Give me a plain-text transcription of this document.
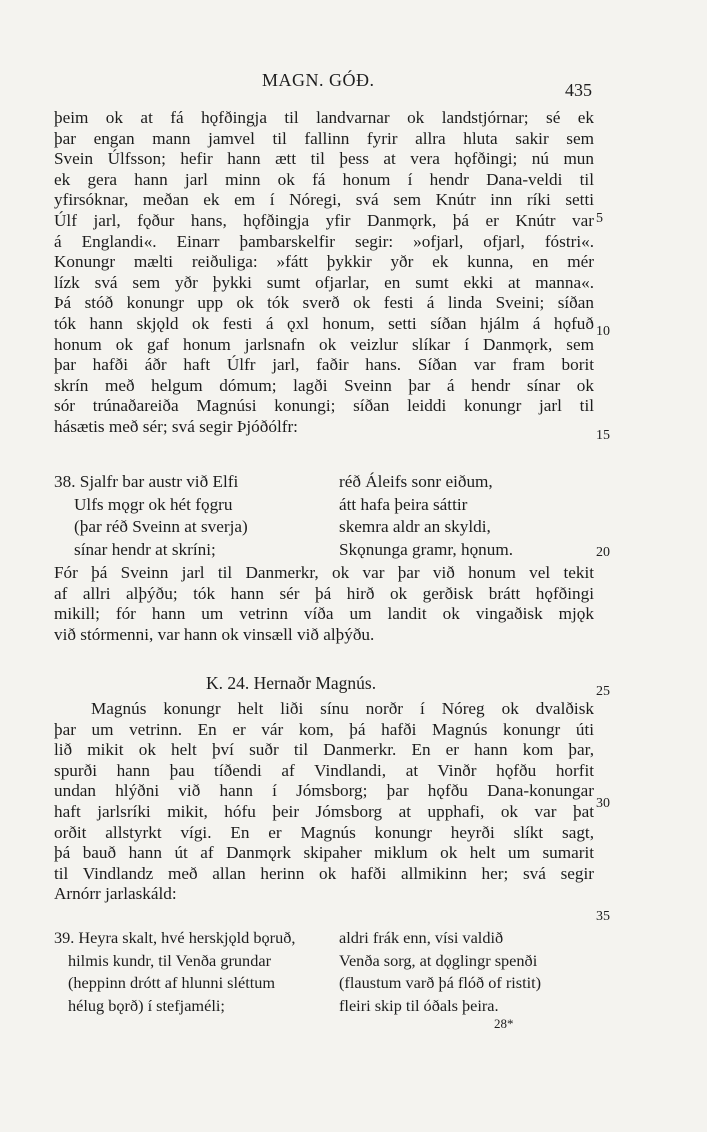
MAGN. GÓÐ.	435
þeim ok at fá hǫfðingja til landvarnar ok landstjórnar; sé ek
þar engan mann jamvel til fallinn fyrir allra hluta sakir sem
Svein Úlfsson; hefir hann ætt til þess at vera hǫfðingi; nú mun
ek gera hann jarl minn ok fá honum í hendr Dana-veldi til
yfirsóknar, meðan ek em í Nóregi, svá sem Knútr inn ríki setti
Úlf jarl, fǫður hans, hǫfðingja yfir Danmǫrk, þá er Knútr var
á Englandi«. Einarr þambarskelfir segir: »ofjarl, ofjarl, fóstri«.
Konungr mælti reiðuliga: »fátt þykkir yðr ek kunna, en mér
lízk svá sem yðr þykki sumt ofjarlar, en sumt ekki at manna«.
Þá stóð konungr upp ok tók sverð ok festi á linda Sveini; síðan
tók hann skjǫld ok festi á ǫxl honum, setti síðan hjálm á hǫfuð
honum ok gaf honum jarlsnafn ok veizlur slíkar í Danmǫrk, sem
þar hafði áðr haft Úlfr jarl, faðir hans. Síðan var fram borit
skrín með helgum dómum; lagði Sveinn þar á hendr sínar ok
sór trúnaðareiða Magnúsi konungi; síðan leiddi konungr jarl til
hásætis með sér; svá segir Þjóðólfr:
5
10
15
38. Sjalfr bar austr við Elfi	réð Áleifs sonr eiðum,
Ulfs mǫgr ok hét fǫgru	átt hafa þeira sáttir
(þar réð Sveinn at sverja)	skemra aldr an skyldi,
sínar hendr at skríni;	Skǫnunga gramr, hǫnum.	20
Fór þá Sveinn jarl til Danmerkr, ok var þar við honum vel tekit
af allri alþýðu; tók hann sér þá hirð ok gerðisk brátt hǫfðingi
mikill; fór hann um vetrinn víða um landit ok vingaðisk mjǫk
við stórmenni, var hann ok vinsæll við alþýðu.
K. 24. Hernaðr Magnús.	25
Magnús konungr helt liði sínu norðr í Nóreg ok dvalðisk
þar um vetrinn. En er vár kom, þá hafði Magnús konungr úti
lið mikit ok helt því suðr til Danmerkr. En er hann kom þar,
spurði hann þau tíðendi af Vindlandi, at Vinðr hǫfðu horfit
undan hlýðni við hann í Jómsborg; þar hǫfðu Dana-konungar
haft jarlsríki mikit, hófu þeir Jómsborg at upphafi, ok var þat
orðit allstyrkt vígi. En er Magnús konungr heyrði slíkt sagt,
þá bauð hann út af Danmǫrk skipaher miklum ok helt um sumarit
til Vindlandz með allan herinn ok hafði allmikinn her; svá segir
Arnórr jarlaskáld:
30
35
39. Heyra skalt, hvé herskjǫld bǫruð,	aldri frák enn, vísi valdið
hilmis kundr, til Venða grundar	Venða sorg, at dǫglingr spenði
(heppinn drótt af hlunni sléttum	(flaustum varð þá flóð of ristit)
hélug bǫrð) í stefjaméli;	fleiri skip til óðals þeira.
28*
